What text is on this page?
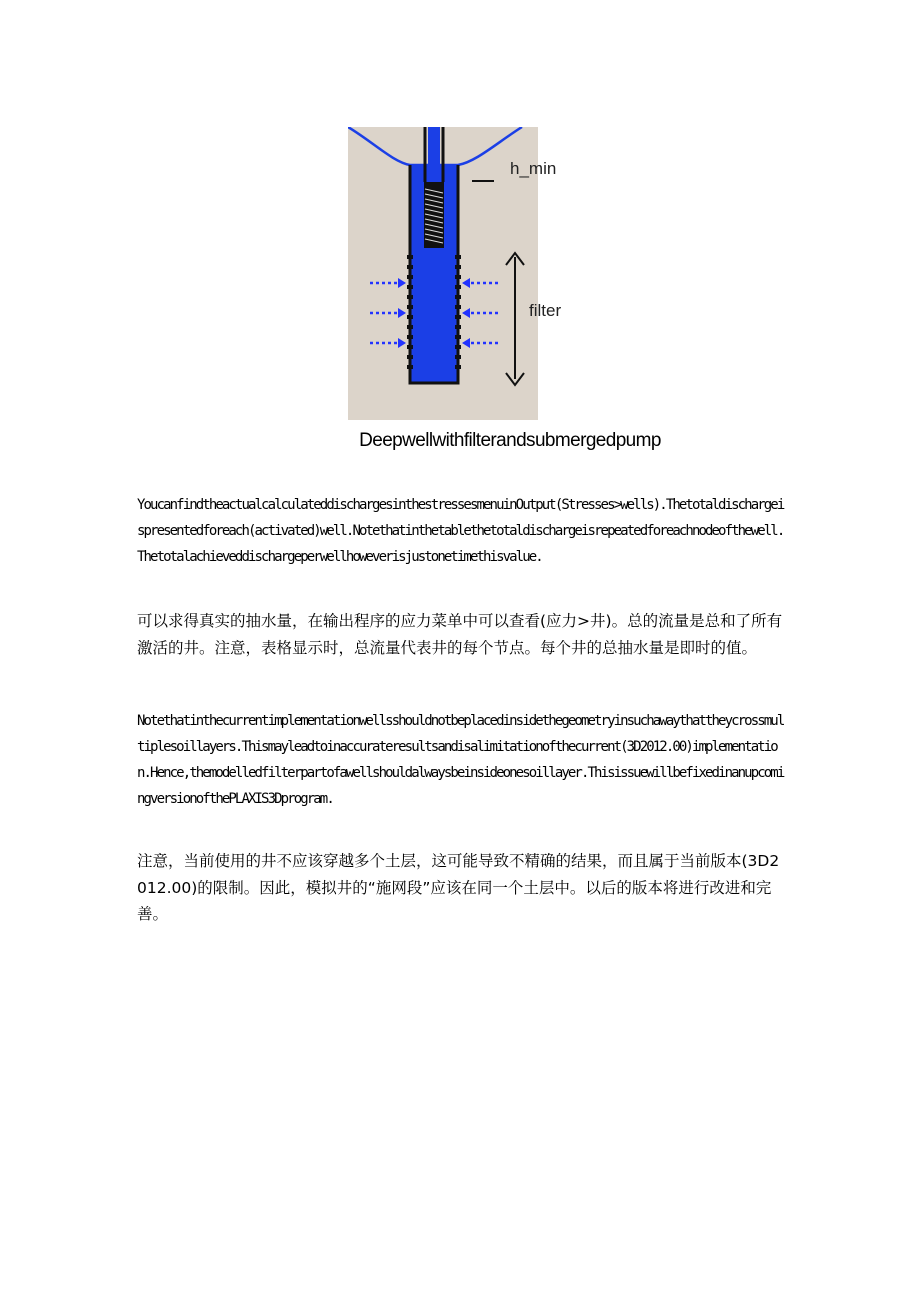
h_min
filter
Deepwellwithfilterandsubmergedpump
YoucanfindtheactualcalculateddischargesinthestressesmenuinOutput(Stresses>wells).Thetotaldischargeispresentedforeach(activated)well.Notethatinthetablethetotaldischargeisrepeatedforeachnodeofthewell.Thetotalachieveddischargeperwellhoweverisjustonetimethisvalue.
可以求得真实的抽水量，在输出程序的应力菜单中可以查看(应力>井)。总的流量是总和了所有激活的井。注意，表格显示时，总流量代表井的每个节点。每个井的总抽水量是即时的值。
Notethatinthecurrentimplementationwellsshouldnotbeplacedinsidethegeometryinsuchawaythattheycrossmultiplesoillayers.Thismayleadtoinaccurateresultsandisalimitationofthecurrent(3D2012.00)implementation.Hence,themodelledfilterpartofawellshouldalwaysbeinsideonesoillayer.ThisissuewillbefixedinanupcomingversionofthePLAXIS3Dprogram.
注意，当前使用的井不应该穿越多个土层，这可能导致不精确的结果，而且属于当前版本(3D2012.00)的限制。因此，模拟井的“施网段”应该在同一个土层中。以后的版本将进行改进和完善。
